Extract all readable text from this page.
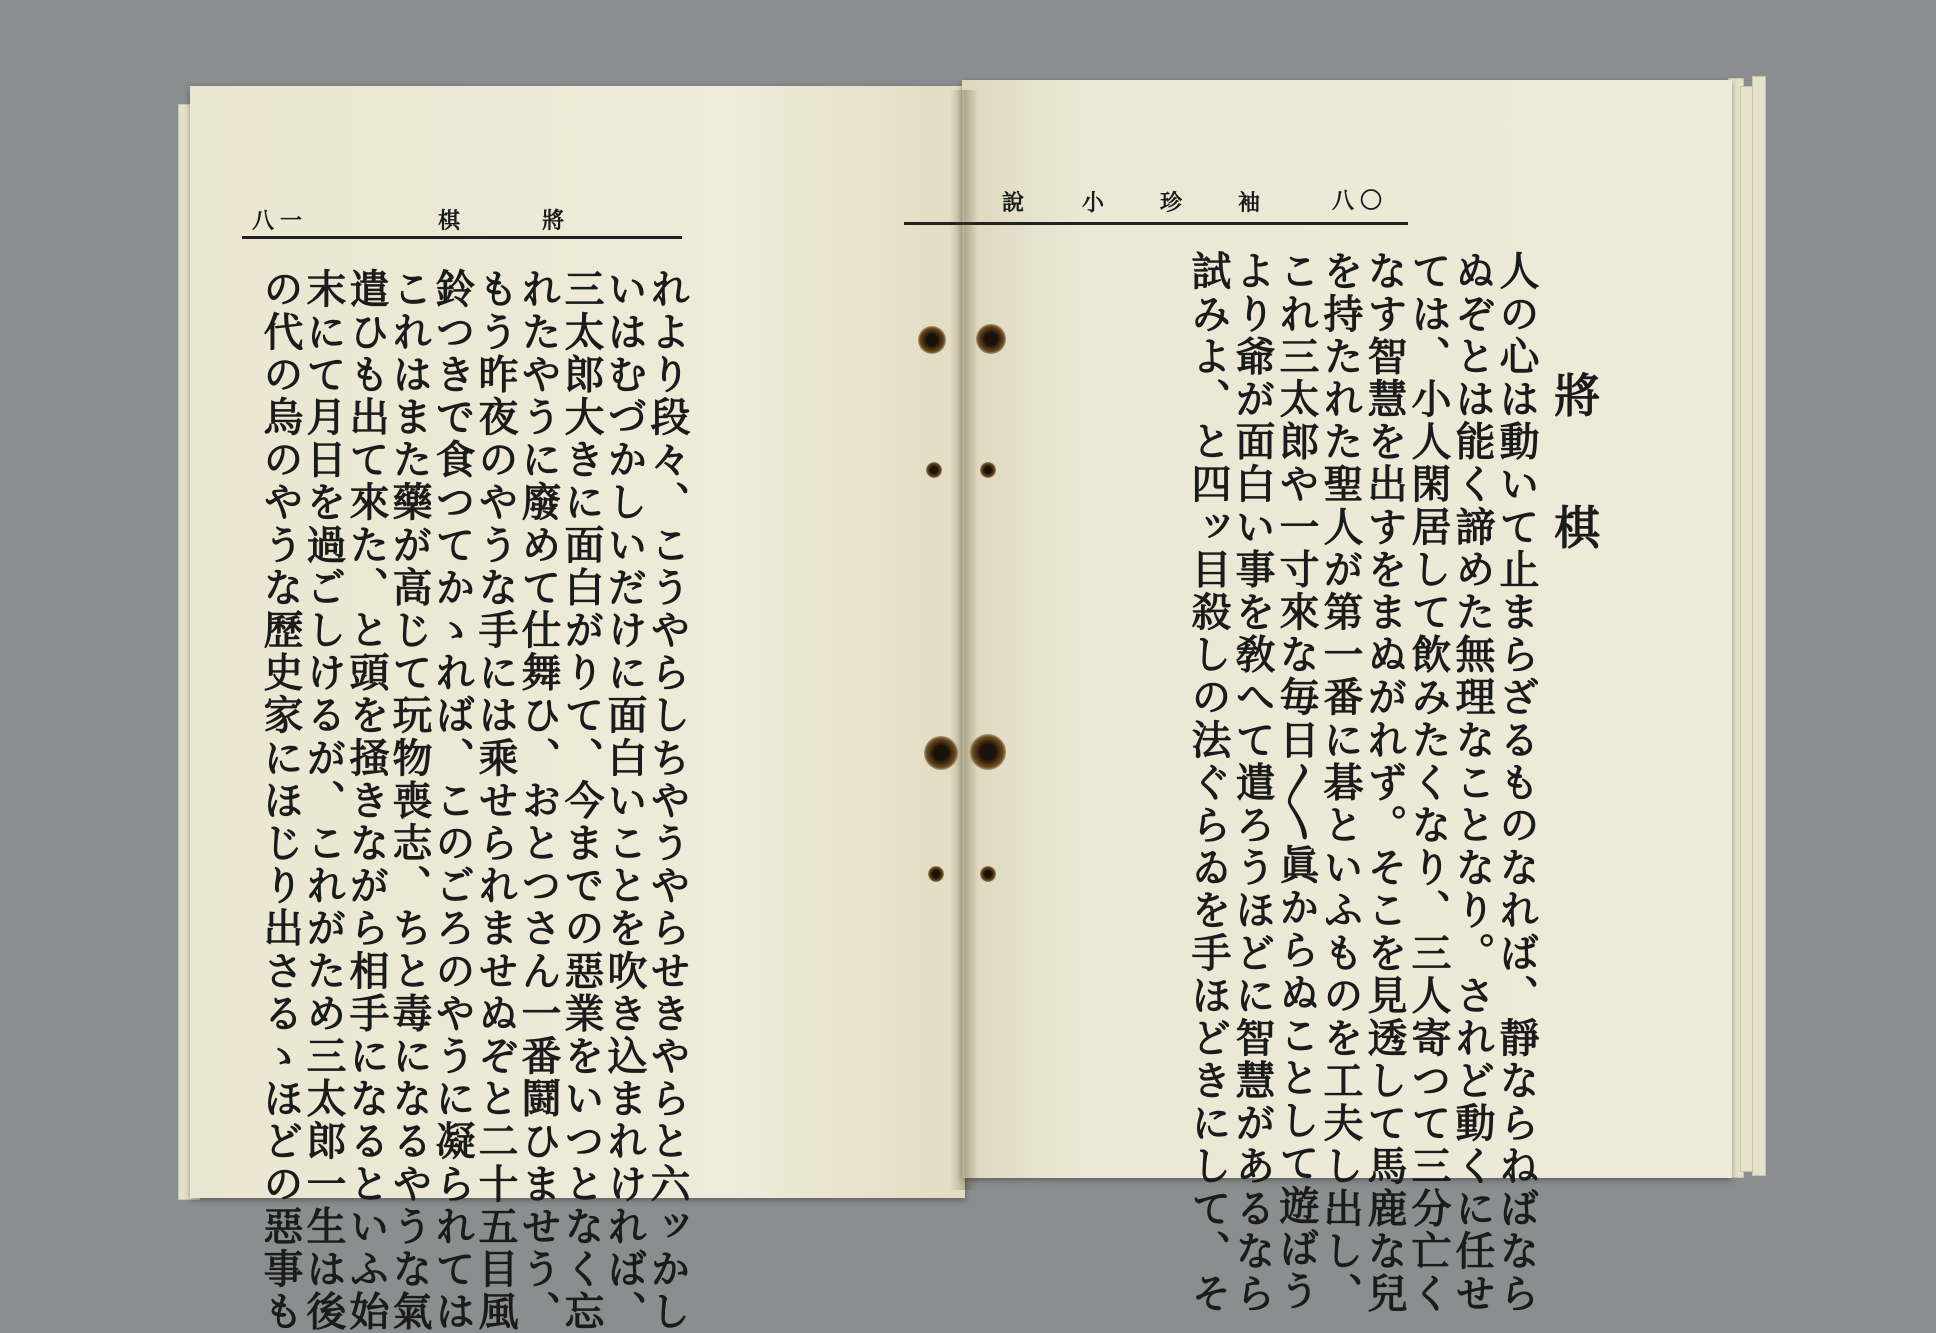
將
棋
八一
れより段々、こうやらしちやうやらせきやらと六ッかし
いはむづかしいだけに面白いことを吹き込まれければ、
三太郎大きに面白がりて、今までの惡業をいつとなく忘
れたやうに廢めて仕舞ひ、おとつさん一番鬪ひませう、
もう昨夜のやうな手には乘せられませぬぞと二十五目風
鈴つきで食つてかゝれば、このごろのやうに凝られては
これはまた藥が高じて玩物喪志、ちと毒になるやうな氣
遣ひも出て來た、と頭を掻きながら相手になるといふ始
末にて月日を過ごしけるが、これがため三太郎一生は後
の代の烏のやうな歷史家にほじり出さるゝほどの惡事も
八〇
袖
珍
小
說
將
棋
人の心は動いて止まらざるものなれば、靜ならねばなら
ぬぞとは能く諦めた無理なことなり。されど動くに任せ
ては、小人閑居して飲みたくなり、三人寄つて三分亡く
なす智慧を出すをまぬがれず。そこを見透して馬鹿な兒
を持たれた聖人が第一番に碁といふものを工夫し出し、
これ三太郎や一寸來な毎日〳〵眞からぬことして遊ばう
より爺が面白い事を敎へて遣ろうほどに智慧があるなら
試みよ、と四ッ目殺しの法ぐらゐを手ほどきにして、そ
